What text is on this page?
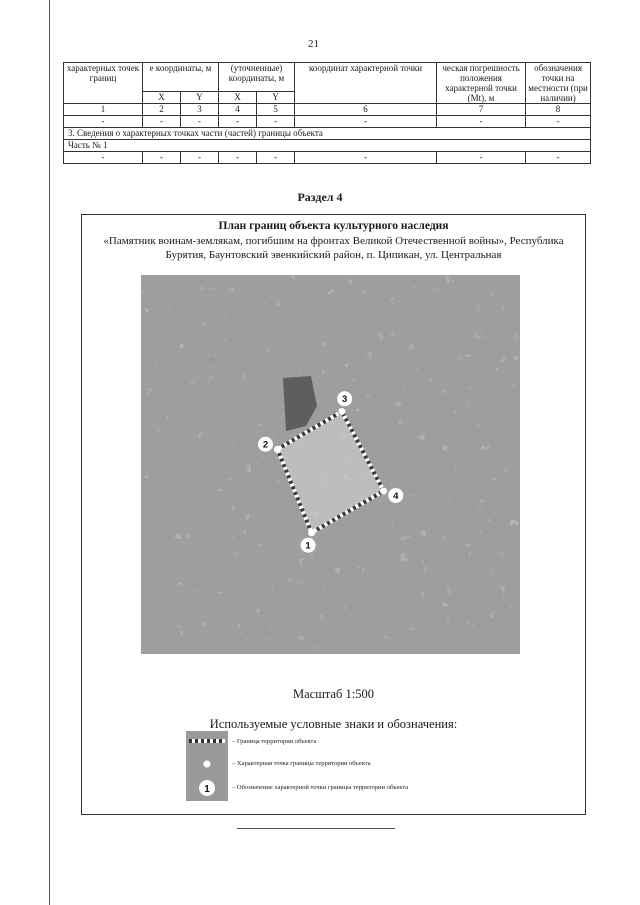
21
характерных точек границ	е координаты, м		(уточненные) координаты, м		координат характерной точки	ческая погрешность положения характерной точки (Mt), м	обозначения точки на местности (при наличии)
	X	Y	X	Y			
1	2	3	4	5	6	7	8
-	-	-	-	-	-	-	-
3. Сведения о характерных точках части (частей) границы объекта							
Часть № 1							
-	-	-	-	-	-	-	-
Раздел 4
План границ объекта культурного наследия
«Памятник воинам-землякам, погибшим на фронтах Великой Отечественной войны», Республика Бурятия, Баунтовский эвенкийский район, п. Ципикан, ул. Центральная
1
2
3
4
Масштаб 1:500
Используемые условные знаки и обозначения:
1
– Граница территории объекта
– Характерная точка границы территории объекта
– Обозначение характерной точки границы территории объекта
